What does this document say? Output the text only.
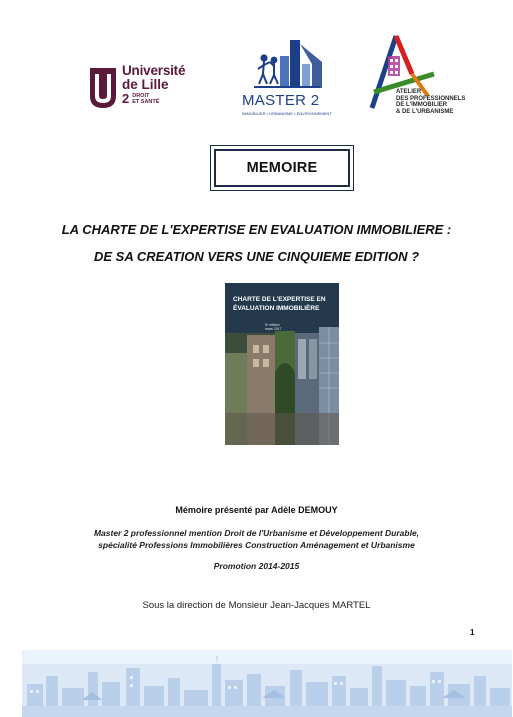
Université
de Lille
2 DROIT
ET SANTÉ	MASTER 2
IMMOBILIER ▪ URBANISME ▪ ENVIRONNEMENT
ATELIER
DES PROFESSIONNELS
DE L'IMMOBILIER
& DE L'URBANISME
MEMOIRE
LA CHARTE DE L'EXPERTISE EN EVALUATION IMMOBILIERE :
DE SA CREATION VERS UNE CINQUIEME EDITION ?
CHARTE DE L'EXPERTISE EN
ÉVALUATION IMMOBILIÈRE
5ᵉ édition
mars 2017
Mémoire présenté par Adèle DEMOUY
Master 2 professionnel mention Droit de l'Urbanisme et Développement Durable,
spécialité Professions Immobilières Construction Aménagement et Urbanisme
Promotion 2014-2015
Sous la direction de Monsieur Jean-Jacques MARTEL
1
